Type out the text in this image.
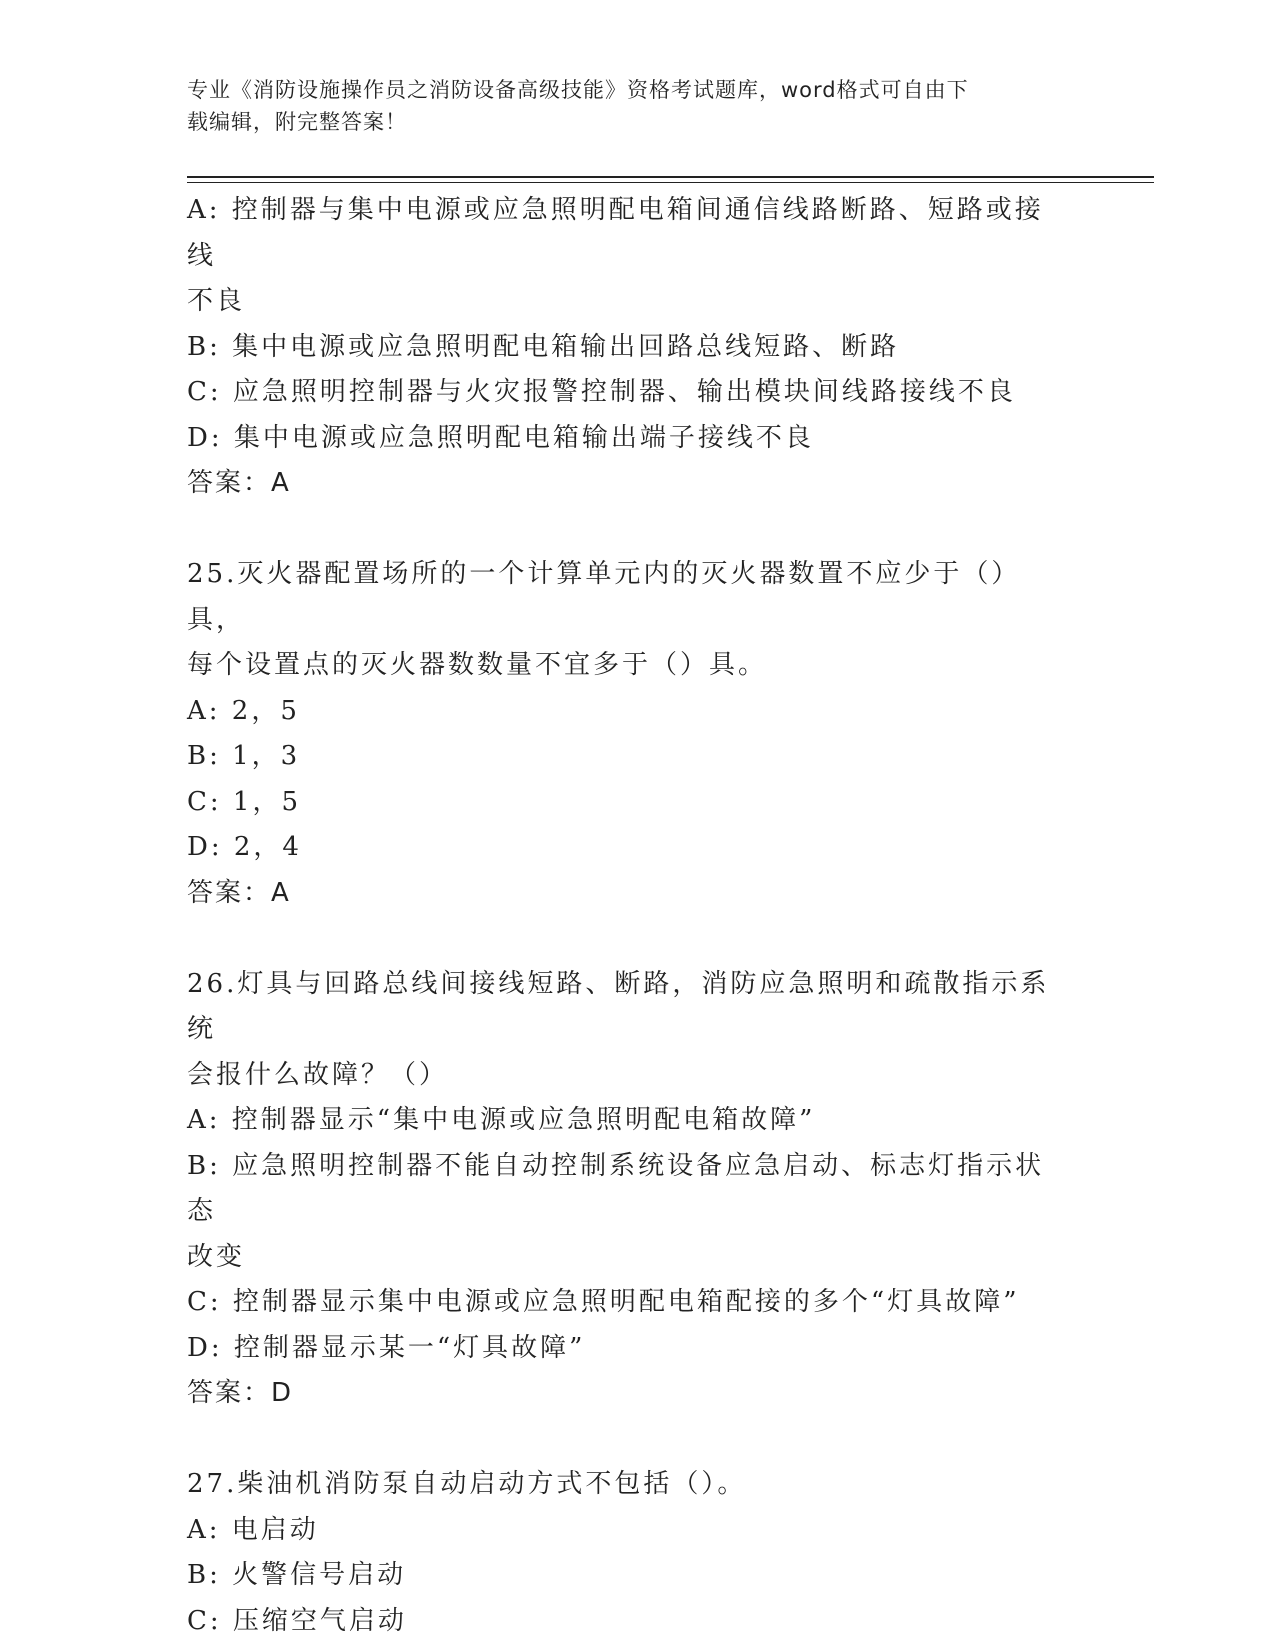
专业《消防设施操作员之消防设备高级技能》资格考试题库，word格式可自由下
载编辑，附完整答案！

A: 控制器与集中电源或应急照明配电箱间通信线路断路、短路或接线

不良

B: 集中电源或应急照明配电箱输出回路总线短路、断路

C: 应急照明控制器与火灾报警控制器、输出模块间线路接线不良

D: 集中电源或应急照明配电箱输出端子接线不良

答案：A

25.灭火器配置场所的一个计算单元内的灭火器数置不应少于（）具，

每个设置点的灭火器数数量不宜多于（）具。

A: 2，5

B: 1，3

C: 1，5

D: 2，4

答案：A

26.灯具与回路总线间接线短路、断路，消防应急照明和疏散指示系统

会报什么故障？（）

A: 控制器显示“集中电源或应急照明配电箱故障”

B: 应急照明控制器不能自动控制系统设备应急启动、标志灯指示状态

改变

C: 控制器显示集中电源或应急照明配电箱配接的多个“灯具故障”

D: 控制器显示某一“灯具故障”

答案：D

27.柴油机消防泵自动启动方式不包括（）。

A: 电启动

B: 火警信号启动

C: 压缩空气启动
